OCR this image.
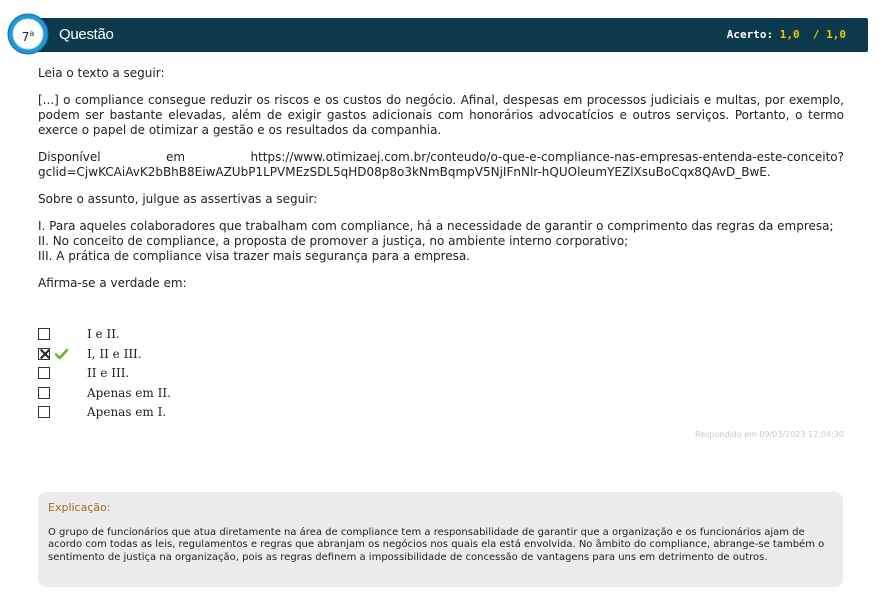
Questão	Acerto: 1,0  / 1,0
7$^a$

Leia o texto a seguir:

[...] o compliance consegue reduzir os riscos e os custos do negócio. Afinal, despesas em processos judiciais e multas, por exemplo, podem ser bastante elevadas, além de exigir gastos adicionais com honorários advocatícios e outros serviços. Portanto, o termo exerce o papel de otimizar a gestão e os resultados da companhia.

Disponível	em	https://www.otimizaej.com.br/conteudo/o-que-e-compliance-nas-empresas-entenda-este-conceito?
gclid=CjwKCAiAvK2bBhB8EiwAZUbP1LPVMEzSDL5qHD08p8o3kNmBqmpV5NjIFnNlr-hQUOleumYEZlXsuBoCqx8QAvD_BwE.

Sobre o assunto, julgue as assertivas a seguir:

I. Para aqueles colaboradores que trabalham com compliance, há a necessidade de garantir o comprimento das regras da empresa;
II. No conceito de compliance, a proposta de promover a justiça, no ambiente interno corporativo;
III. A prática de compliance visa trazer mais segurança para a empresa.

Afirma-se a verdade em:

I e II.
I, II e III.
II e III.
Apenas em II.
Apenas em I.
Respondido em 09/03/2023 12:04:30
Explicação:
O grupo de funcionários que atua diretamente na área de compliance tem a responsabilidade de garantir que a organização e os funcionários ajam de acordo com todas as leis, regulamentos e regras que abranjam os negócios nos quais ela está envolvida. No âmbito do compliance, abrange-se também o sentimento de justiça na organização, pois as regras definem a impossibilidade de concessão de vantagens para uns em detrimento de outros.
